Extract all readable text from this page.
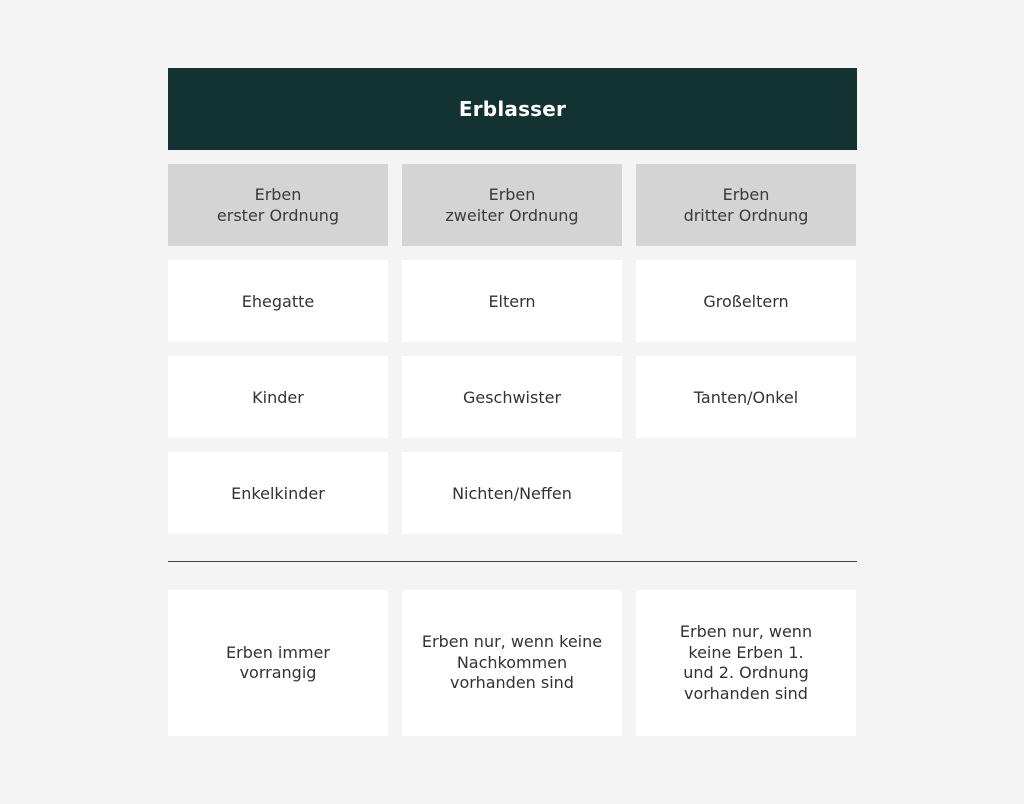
Erblasser
Erben
erster Ordnung
Erben
zweiter Ordnung
Erben
dritter Ordnung
Ehegatte
Kinder
Enkelkinder
Eltern
Geschwister
Nichten/Neffen
Großeltern
Tanten/Onkel
Erben immer
vorrangig
Erben nur, wenn keine
Nachkommen
vorhanden sind
Erben nur, wenn
keine Erben 1.
und 2. Ordnung
vorhanden sind
